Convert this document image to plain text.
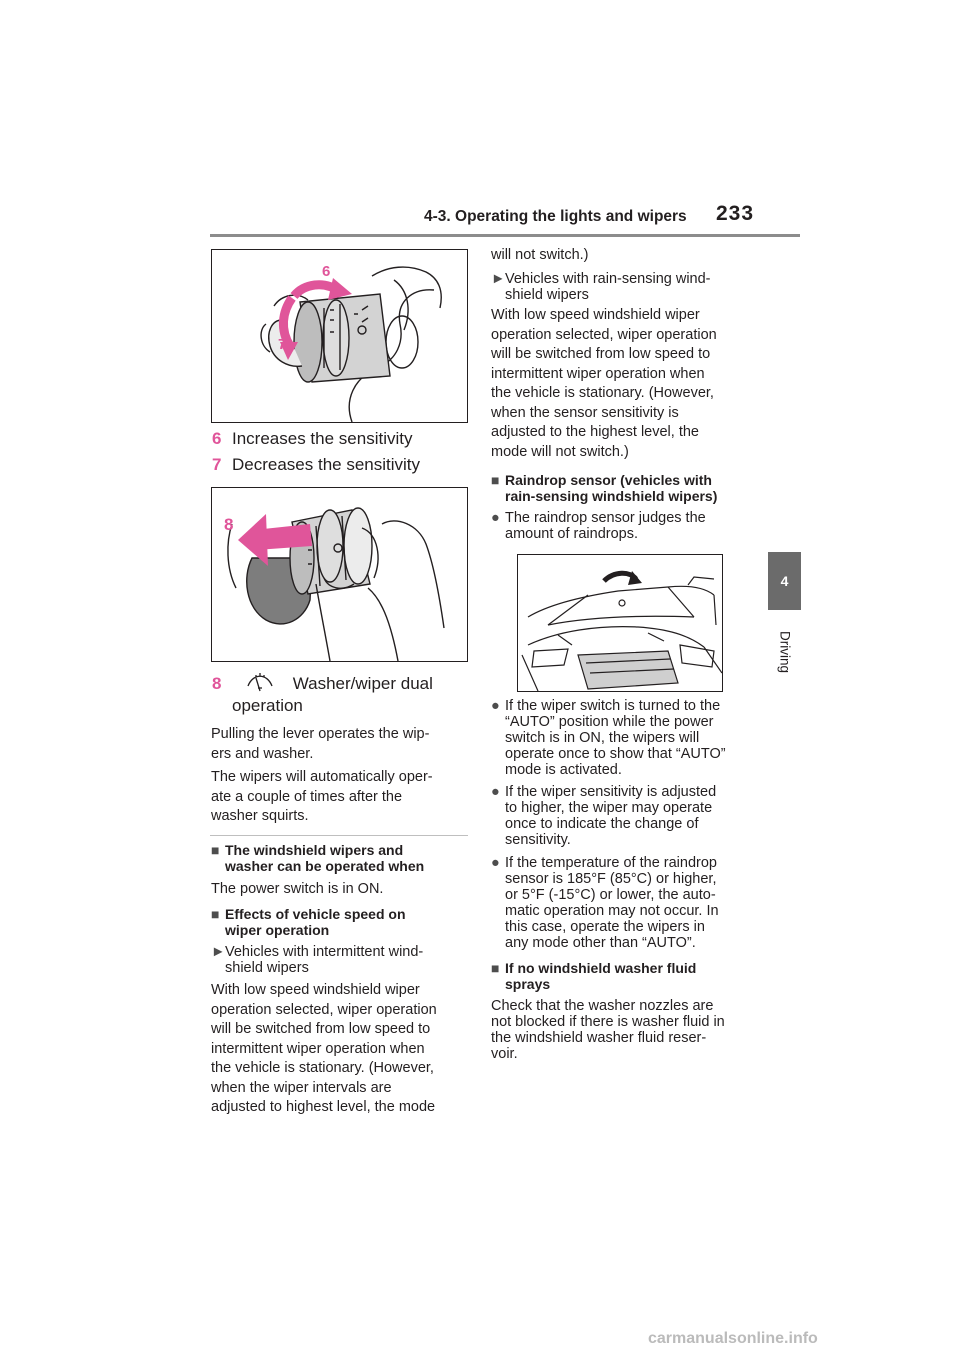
4-3. Operating the lights and wipers 233
4
Driving
6
7
6 Increases the sensitivity
7 Decreases the sensitivity
8
8	Washer/wiper dual
operation
Pulling the lever operates the wip-
ers and washer.
The wipers will automatically oper-
ate a couple of times after the
washer squirts.
■ The windshield wipers and
washer can be operated when
The power switch is in ON.
■ Effects of vehicle speed on
wiper operation
►Vehicles with intermittent wind-
shield wipers
With low speed windshield wiper
operation selected, wiper operation
will be switched from low speed to
intermittent wiper operation when
the vehicle is stationary. (However,
when the wiper intervals are
adjusted to highest level, the mode
will not switch.)
►Vehicles with rain-sensing wind-
shield wipers
With low speed windshield wiper
operation selected, wiper operation
will be switched from low speed to
intermittent wiper operation when
the vehicle is stationary. (However,
when the sensor sensitivity is
adjusted to the highest level, the
mode will not switch.)
■ Raindrop sensor (vehicles with
rain-sensing windshield wipers)
● The raindrop sensor judges the
amount of raindrops.
● If the wiper switch is turned to the
“AUTO” position while the power
switch is in ON, the wipers will
operate once to show that “AUTO”
mode is activated.
● If the wiper sensitivity is adjusted
to higher, the wiper may operate
once to indicate the change of
sensitivity.
● If the temperature of the raindrop
sensor is 185°F (85°C) or higher,
or 5°F (-15°C) or lower, the auto-
matic operation may not occur. In
this case, operate the wipers in
any mode other than “AUTO”.
■ If no windshield washer fluid
sprays
Check that the washer nozzles are
not blocked if there is washer fluid in
the windshield washer fluid reser-
voir.
carmanualsonline.info
